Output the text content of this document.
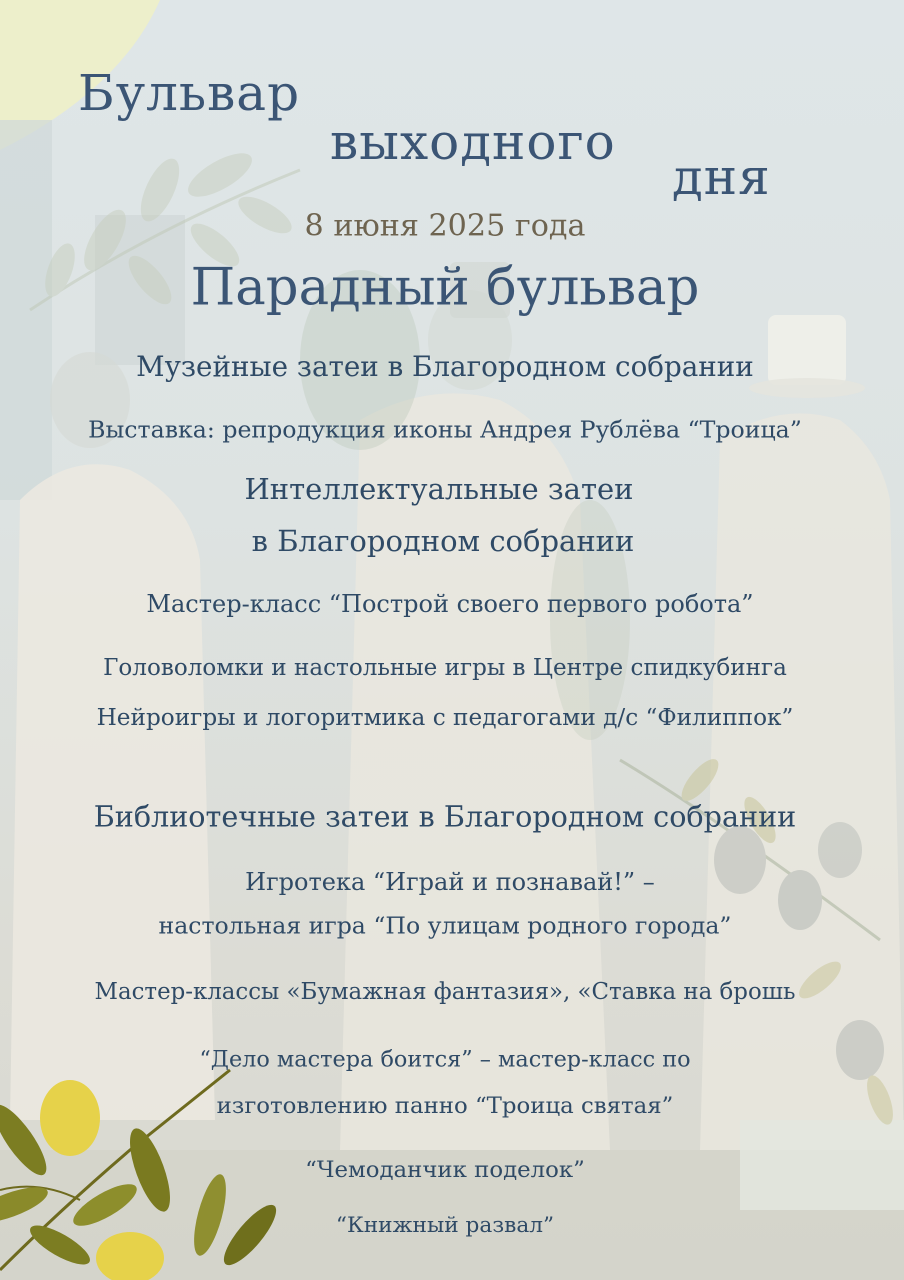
Бульвар
выходного
дня
8 июня 2025 года
Парадный бульвар
Музейные затеи в Благородном собрании
Выставка: репродукция иконы Андрея Рублёва “Троица”
Интеллектуальные затеи
в Благородном собрании
Мастер-класс “Построй своего первого робота”
Головоломки и настольные игры в Центре спидкубинга
Нейроигры и логоритмика с педагогами д/с “Филиппок”
Библиотечные затеи в Благородном собрании
Игротека “Играй и познавай!” –
настольная игра “По улицам родного города”
Мастер-классы «Бумажная фантазия», «Ставка на брошь
“Дело мастера боится” – мастер-класс по
изготовлению панно “Троица святая”
“Чемоданчик поделок”
“Книжный развал”
